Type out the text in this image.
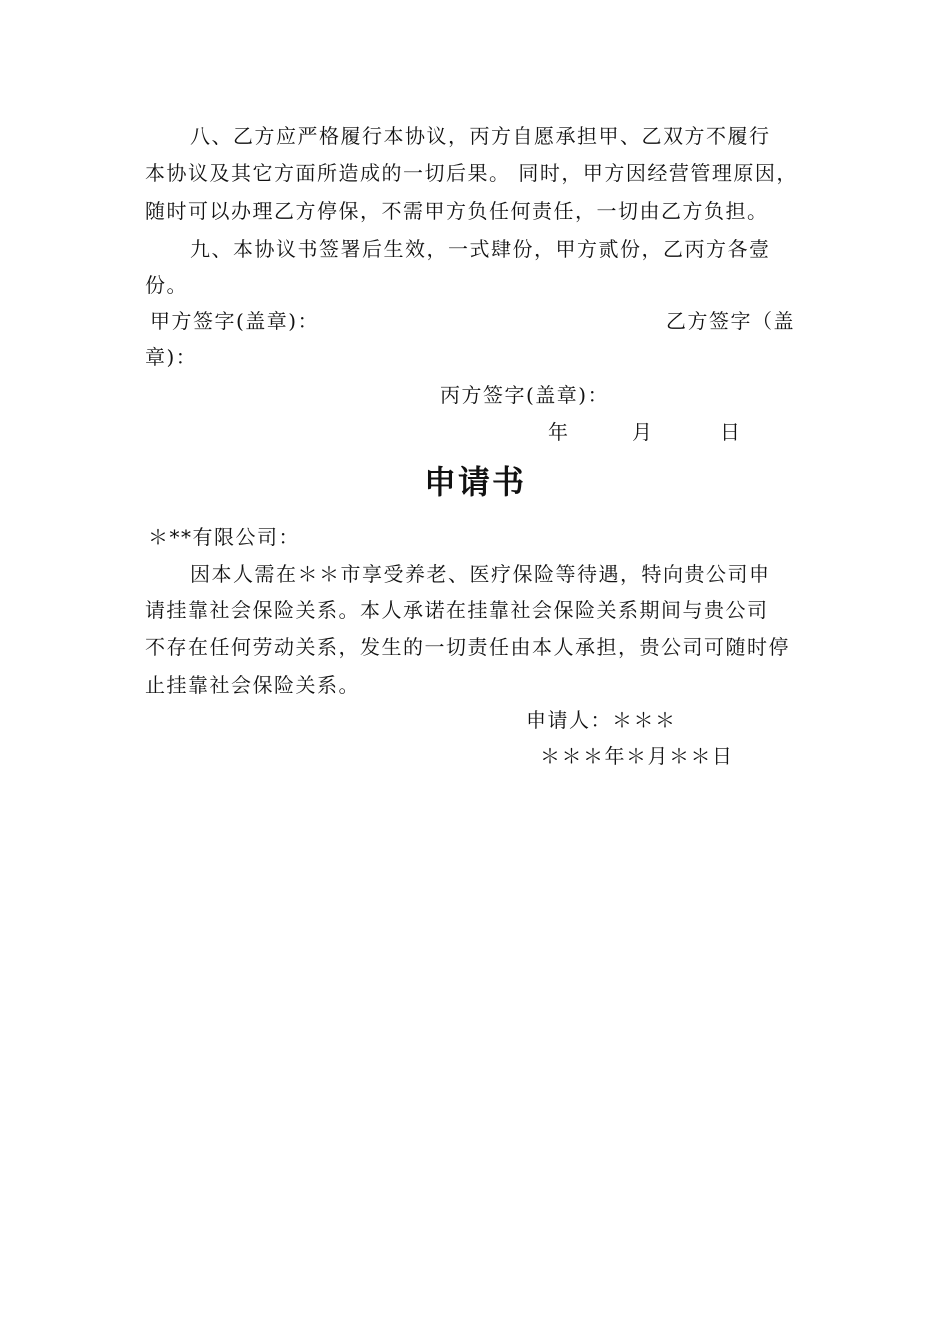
八、乙方应严格履行本协议，丙方自愿承担甲、乙双方不履行
本协议及其它方面所造成的一切后果。 同时，甲方因经营管理原因，
随时可以办理乙方停保，不需甲方负任何责任，一切由乙方负担。
九、本协议书签署后生效，一式肆份，甲方贰份，乙丙方各壹
份。
甲方签字(盖章)：	乙方签字（盖
章)：
丙方签字(盖章)：
年	月	日
申请书
＊**有限公司：
因本人需在＊＊市享受养老、医疗保险等待遇，特向贵公司申
请挂靠社会保险关系。本人承诺在挂靠社会保险关系期间与贵公司
不存在任何劳动关系，发生的一切责任由本人承担，贵公司可随时停
止挂靠社会保险关系。
申请人：＊＊＊
＊＊＊年＊月＊＊日
